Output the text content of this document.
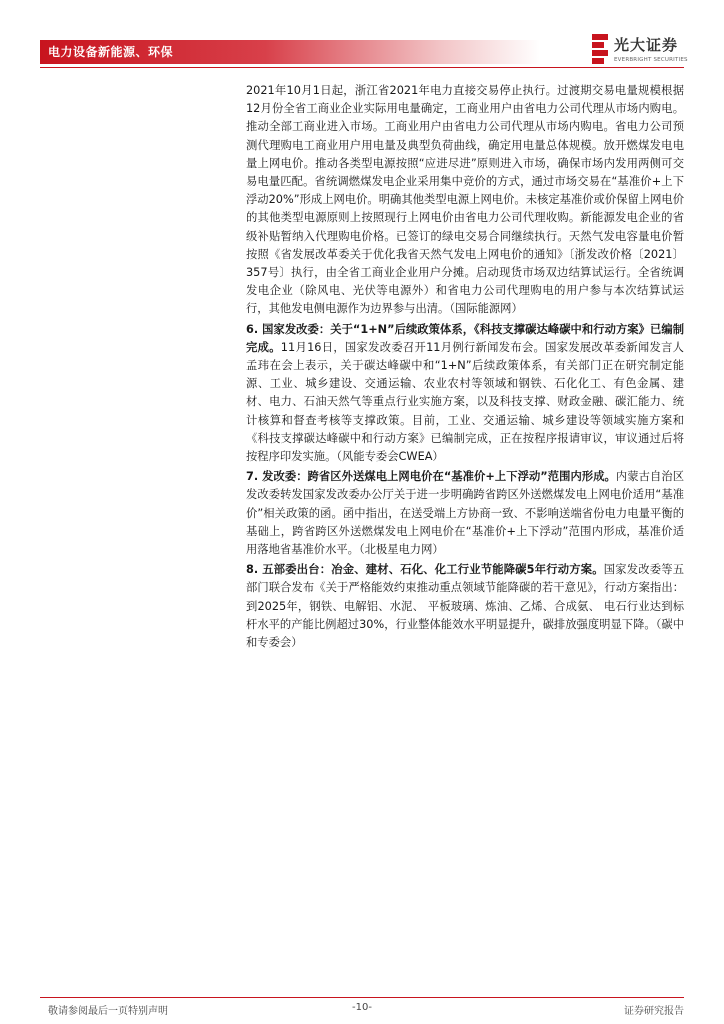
电力设备新能源、环保	光大证券
EVERBRIGHT SECURITIES

2021年10月1日起，浙江省2021年电力直接交易停止执行。过渡期交易电量规模根据12月份全省工商业企业实际用电量确定，工商业用户由省电力公司代理从市场内购电。推动全部工商业进入市场。工商业用户由省电力公司代理从市场内购电。省电力公司预测代理购电工商业用户用电量及典型负荷曲线，确定用电量总体规模。放开燃煤发电电量上网电价。推动各类型电源按照“应进尽进”原则进入市场，确保市场内发用两侧可交易电量匹配。省统调燃煤发电企业采用集中竞价的方式，通过市场交易在“基准价+上下浮动20%”形成上网电价。明确其他类型电源上网电价。未核定基准价或价保留上网电价的其他类型电源原则上按照现行上网电价由省电力公司代理收购。新能源发电企业的省级补贴暂纳入代理购电价格。已签订的绿电交易合同继续执行。天然气发电容量电价暂按照《省发展改革委关于优化我省天然气发电上网电价的通知》〔浙发改价格〔2021〕357号〕执行，由全省工商业企业用户分摊。启动现货市场双边结算试运行。全省统调发电企业（除风电、光伏等电源外）和省电力公司代理购电的用户参与本次结算试运行，其他发电侧电源作为边界参与出清。（国际能源网）

6. 国家发改委：关于“1+N”后续政策体系，《科技支撑碳达峰碳中和行动方案》已编制完成。11月16日，国家发改委召开11月例行新闻发布会。国家发展改革委新闻发言人孟玮在会上表示，关于碳达峰碳中和“1+N”后续政策体系，有关部门正在研究制定能源、工业、城乡建设、交通运输、农业农村等领域和钢铁、石化化工、有色金属、建材、电力、石油天然气等重点行业实施方案，以及科技支撑、财政金融、碳汇能力、统计核算和督查考核等支撑政策。目前，工业、交通运输、城乡建设等领域实施方案和《科技支撑碳达峰碳中和行动方案》已编制完成，正在按程序报请审议，审议通过后将按程序印发实施。（风能专委会CWEA）

7. 发改委：跨省区外送煤电上网电价在“基准价+上下浮动”范围内形成。内蒙古自治区发改委转发国家发改委办公厅关于进一步明确跨省跨区外送燃煤发电上网电价适用“基准价”相关政策的函。函中指出，在送受端上方协商一致、不影响送端省份电力电量平衡的基础上，跨省跨区外送燃煤发电上网电价在“基准价+上下浮动”范围内形成，基准价适用落地省基准价水平。（北极星电力网）

8. 五部委出台：冶金、建材、石化、化工行业节能降碳5年行动方案。国家发改委等五部门联合发布《关于严格能效约束推动重点领域节能降碳的若干意见》，行动方案指出：到2025年，钢铁、电解铝、水泥、 平板玻璃、炼油、乙烯、合成氨、 电石行业达到标杆水平的产能比例超过30%，行业整体能效水平明显提升，碳排放强度明显下降。（碳中和专委会）

敬请参阅最后一页特别声明	-10-	证券研究报告
